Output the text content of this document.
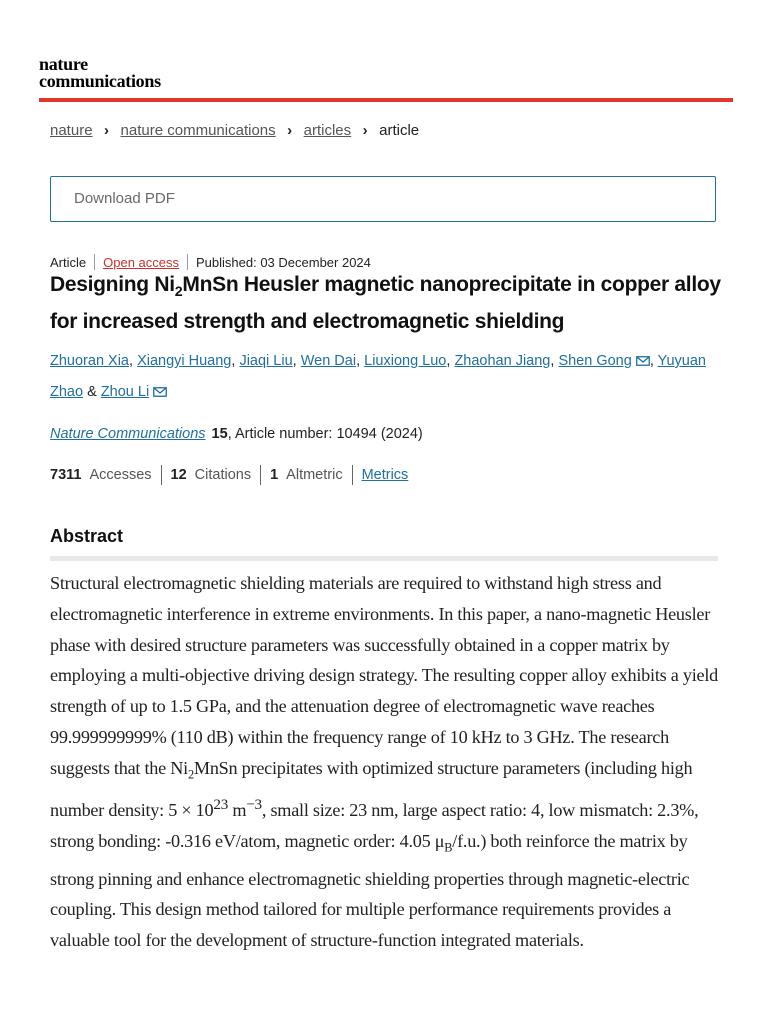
nature
communications
nature › nature communications › articles › article
Download PDF
Article Open access Published: 03 December 2024
Designing $Ni_2MnSn$ Heusler magnetic nanoprecipitate in copper alloy for increased strength and electromagnetic shielding
Zhuoran Xia, Xiangyi Huang, Jiaqi Liu, Wen Dai, Liuxiong Luo, Zhaohan Jiang, Shen Gong , Yuyuan Zhao & Zhou Li
Nature Communications 15, Article number: 10494 (2024)
7311 Accesses 12 Citations 1 Altmetric Metrics
Abstract

Structural electromagnetic shielding materials are required to withstand high stress and electromagnetic interference in extreme environments. In this paper, a nano-magnetic Heusler phase with desired structure parameters was successfully obtained in a copper matrix by employing a multi-objective driving design strategy. The resulting copper alloy exhibits a yield strength of up to 1.5 GPa, and the attenuation degree of electromagnetic wave reaches 99.999999999% (110 dB) within the frequency range of 10 kHz to 3 GHz. The research suggests that the $Ni_2MnSn$ precipitates with optimized structure parameters (including high number density: $5 \times 10^{23}$ $m^{-3}$, small size: 23 nm, large aspect ratio: 4, low mismatch: 2.3%, strong bonding: -0.316 eV/atom, magnetic order: 4.05 $\mu_B/f.u$.) both reinforce the matrix by strong pinning and enhance electromagnetic shielding properties through magnetic-electric coupling. This design method tailored for multiple performance requirements provides a valuable tool for the development of structure-function integrated materials.
